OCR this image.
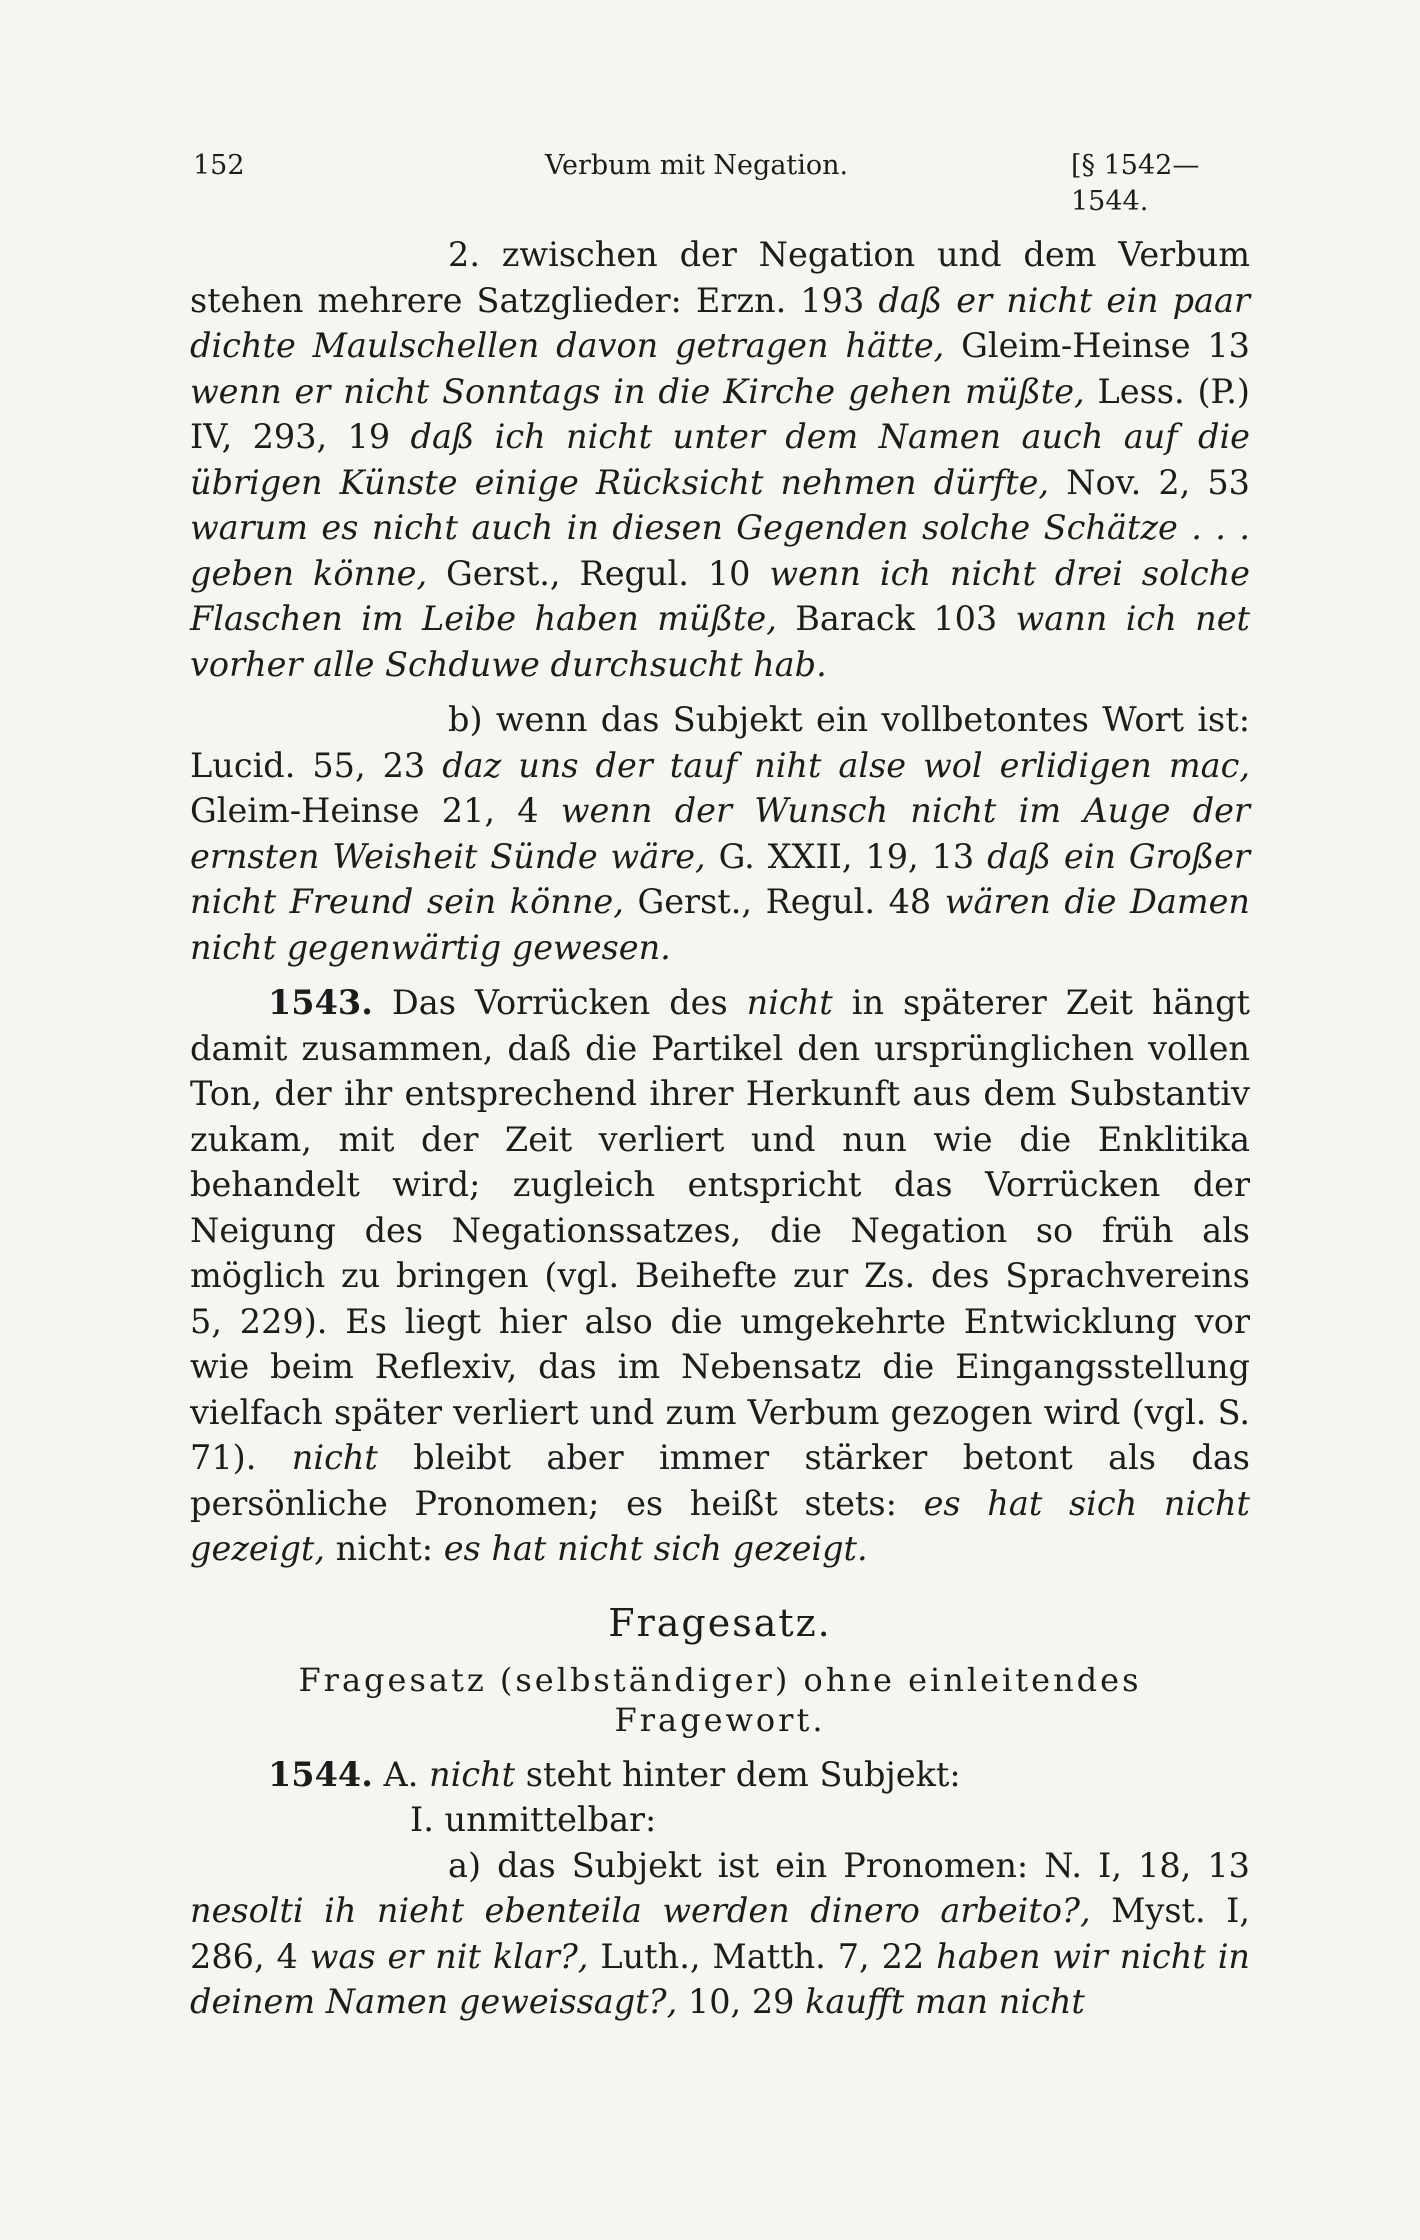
152	Verbum mit Negation.	[§ 1542—1544.

2. zwischen der Negation und dem Verbum stehen mehrere Satzglieder: Erzn. 193 daß er nicht ein paar dichte Maulschellen davon getragen hätte, Gleim-Heinse 13 wenn er nicht Sonntags in die Kirche gehen müßte, Less. (P.) IV, 293, 19 daß ich nicht unter dem Namen auch auf die übrigen Künste einige Rücksicht nehmen dürfte, Nov. 2, 53 warum es nicht auch in diesen Gegenden solche Schätze . . . geben könne, Gerst., Regul. 10 wenn ich nicht drei solche Flaschen im Leibe haben müßte, Barack 103 wann ich net vorher alle Schduwe durchsucht hab.

b) wenn das Subjekt ein vollbetontes Wort ist: Lucid. 55, 23 daz uns der tauf niht alse wol erlidigen mac, Gleim-Heinse 21, 4 wenn der Wunsch nicht im Auge der ernsten Weisheit Sünde wäre, G. XXII, 19, 13 daß ein Großer nicht Freund sein könne, Gerst., Regul. 48 wären die Damen nicht gegenwärtig gewesen.

1543. Das Vorrücken des nicht in späterer Zeit hängt damit zusammen, daß die Partikel den ursprünglichen vollen Ton, der ihr entsprechend ihrer Herkunft aus dem Substantiv zukam, mit der Zeit verliert und nun wie die Enklitika behandelt wird; zugleich entspricht das Vorrücken der Neigung des Negationssatzes, die Negation so früh als möglich zu bringen (vgl. Beihefte zur Zs. des Sprachvereins 5, 229). Es liegt hier also die umgekehrte Entwicklung vor wie beim Reflexiv, das im Nebensatz die Eingangsstellung vielfach später verliert und zum Verbum gezogen wird (vgl. S. 71). nicht bleibt aber immer stärker betont als das persönliche Pronomen; es heißt stets: es hat sich nicht gezeigt, nicht: es hat nicht sich gezeigt.

Fragesatz.
Fragesatz (selbständiger) ohne einleitendes
Fragewort.

1544. A. nicht steht hinter dem Subjekt:

I. unmittelbar:

a) das Subjekt ist ein Pronomen: N. I, 18, 13 nesolti ih nieht ebenteila werden dinero arbeito?, Myst. I, 286, 4 was er nit klar?, Luth., Matth. 7, 22 haben wir nicht in deinem Namen geweissagt?, 10, 29 kaufft man nicht
